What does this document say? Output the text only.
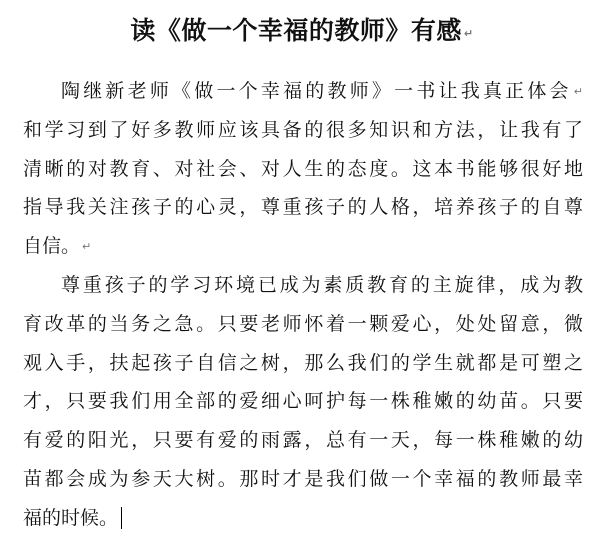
读《做一个幸福的教师》有感 ↵
陶继新老师《做一个幸福的教师》一书让我真正体会 ↵
和学习到了好多教师应该具备的很多知识和方法，让我有了
清晰的对教育、对社会、对人生的态度。这本书能够很好地
指导我关注孩子的心灵，尊重孩子的人格，培养孩子的自尊
自信。 ↵
尊重孩子的学习环境已成为素质教育的主旋律，成为教
育改革的当务之急。只要老师怀着一颗爱心，处处留意，微
观入手，扶起孩子自信之树，那么我们的学生就都是可塑之
才，只要我们用全部的爱细心呵护每一株稚嫩的幼苗。只要
有爱的阳光，只要有爱的雨露，总有一天，每一株稚嫩的幼
苗都会成为参天大树。那时才是我们做一个幸福的教师最幸
福的时候。
